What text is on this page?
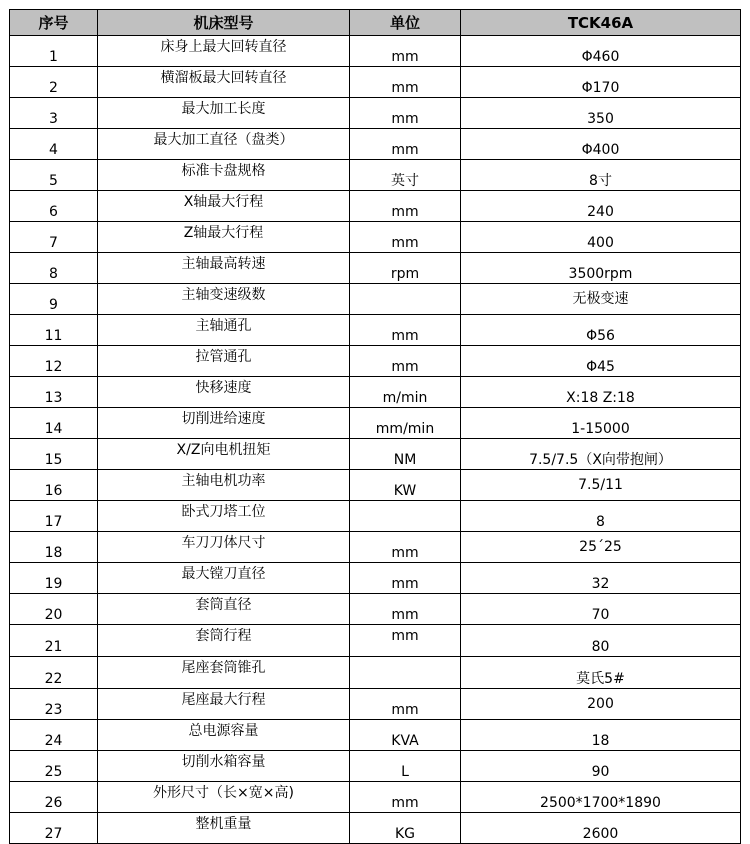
序号	机床型号	单位	TCK46A
1	床身上最大回转直径	mm	Φ460
2	横溜板最大回转直径	mm	Φ170
3	最大加工长度	mm	350
4	最大加工直径（盘类）	mm	Φ400
5	标准卡盘规格	英寸	8寸
6	X轴最大行程	mm	240
7	Z轴最大行程	mm	400
8	主轴最高转速	rpm	3500rpm
9	主轴变速级数		无极变速
11	主轴通孔	mm	Φ56
12	拉管通孔	mm	Φ45
13	快移速度	m/min	X:18 Z:18
14	切削进给速度	mm/min	1-15000
15	X/Z向电机扭矩	NM	7.5/7.5（X向带抱闸）
16	主轴电机功率	KW	7.5/11
17	卧式刀塔工位		8
18	车刀刀体尺寸	mm	25´25
19	最大镗刀直径	mm	32
20	套筒直径	mm	70
21	套筒行程	mm	80
22	尾座套筒锥孔		莫氏5#
23	尾座最大行程	mm	200
24	总电源容量	KVA	18
25	切削水箱容量	L	90
26	外形尺寸（长×宽×高)	mm	2500*1700*1890
27	整机重量	KG	2600
